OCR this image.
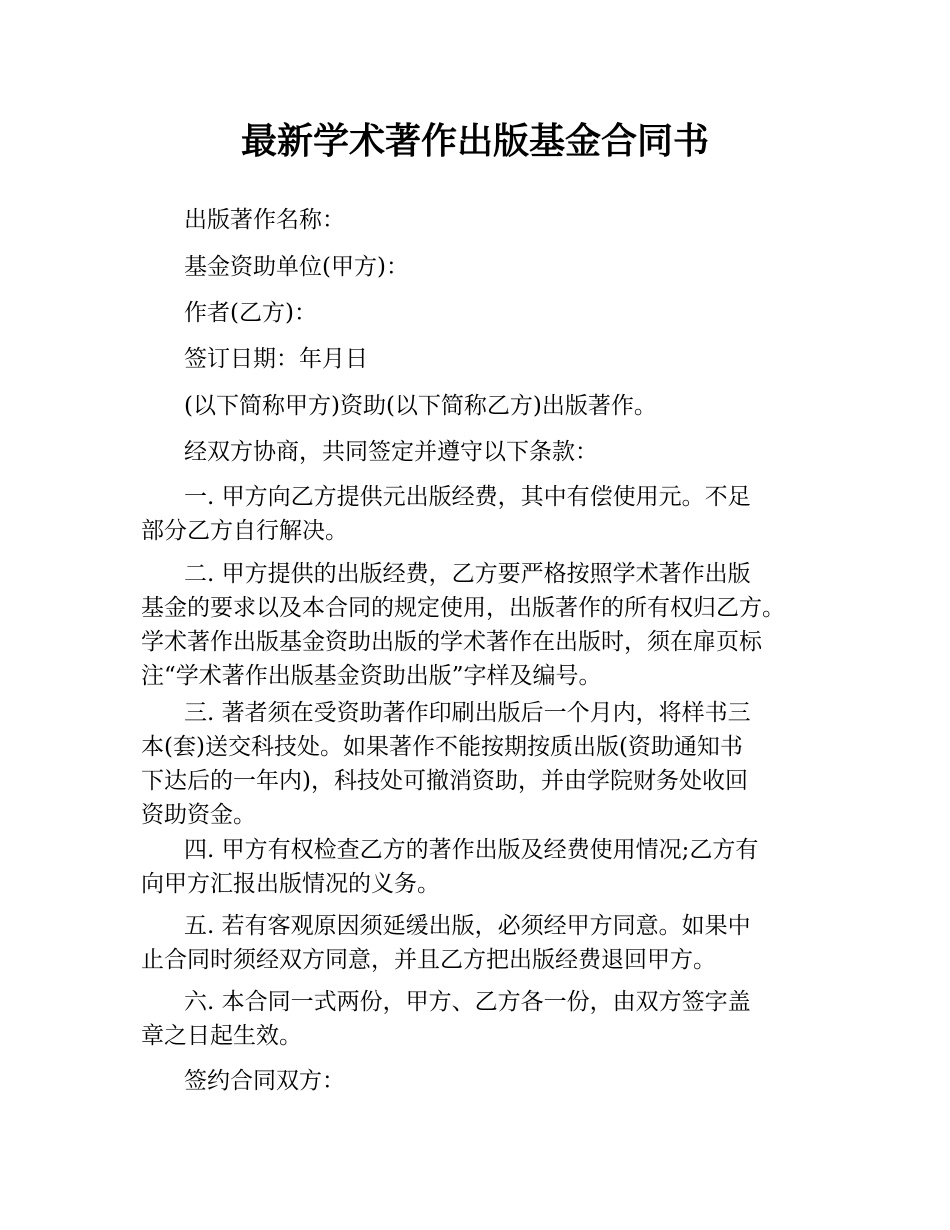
最新学术著作出版基金合同书

出版著作名称：

基金资助单位(甲方)：

作者(乙方)：

签订日期：年月日

(以下简称甲方)资助(以下简称乙方)出版著作。

经双方协商，共同签定并遵守以下条款：

一. 甲方向乙方提供元出版经费，其中有偿使用元。不足
部分乙方自行解决。
二. 甲方提供的出版经费，乙方要严格按照学术著作出版
基金的要求以及本合同的规定使用，出版著作的所有权归乙方。
学术著作出版基金资助出版的学术著作在出版时，须在扉页标
注“学术著作出版基金资助出版”字样及编号。
三. 著者须在受资助著作印刷出版后一个月内，将样书三
本(套)送交科技处。如果著作不能按期按质出版(资助通知书
下达后的一年内)，科技处可撤消资助，并由学院财务处收回
资助资金。
四. 甲方有权检查乙方的著作出版及经费使用情况;乙方有
向甲方汇报出版情况的义务。
五. 若有客观原因须延缓出版，必须经甲方同意。如果中
止合同时须经双方同意，并且乙方把出版经费退回甲方。
六. 本合同一式两份，甲方、乙方各一份，由双方签字盖
章之日起生效。

签约合同双方：
